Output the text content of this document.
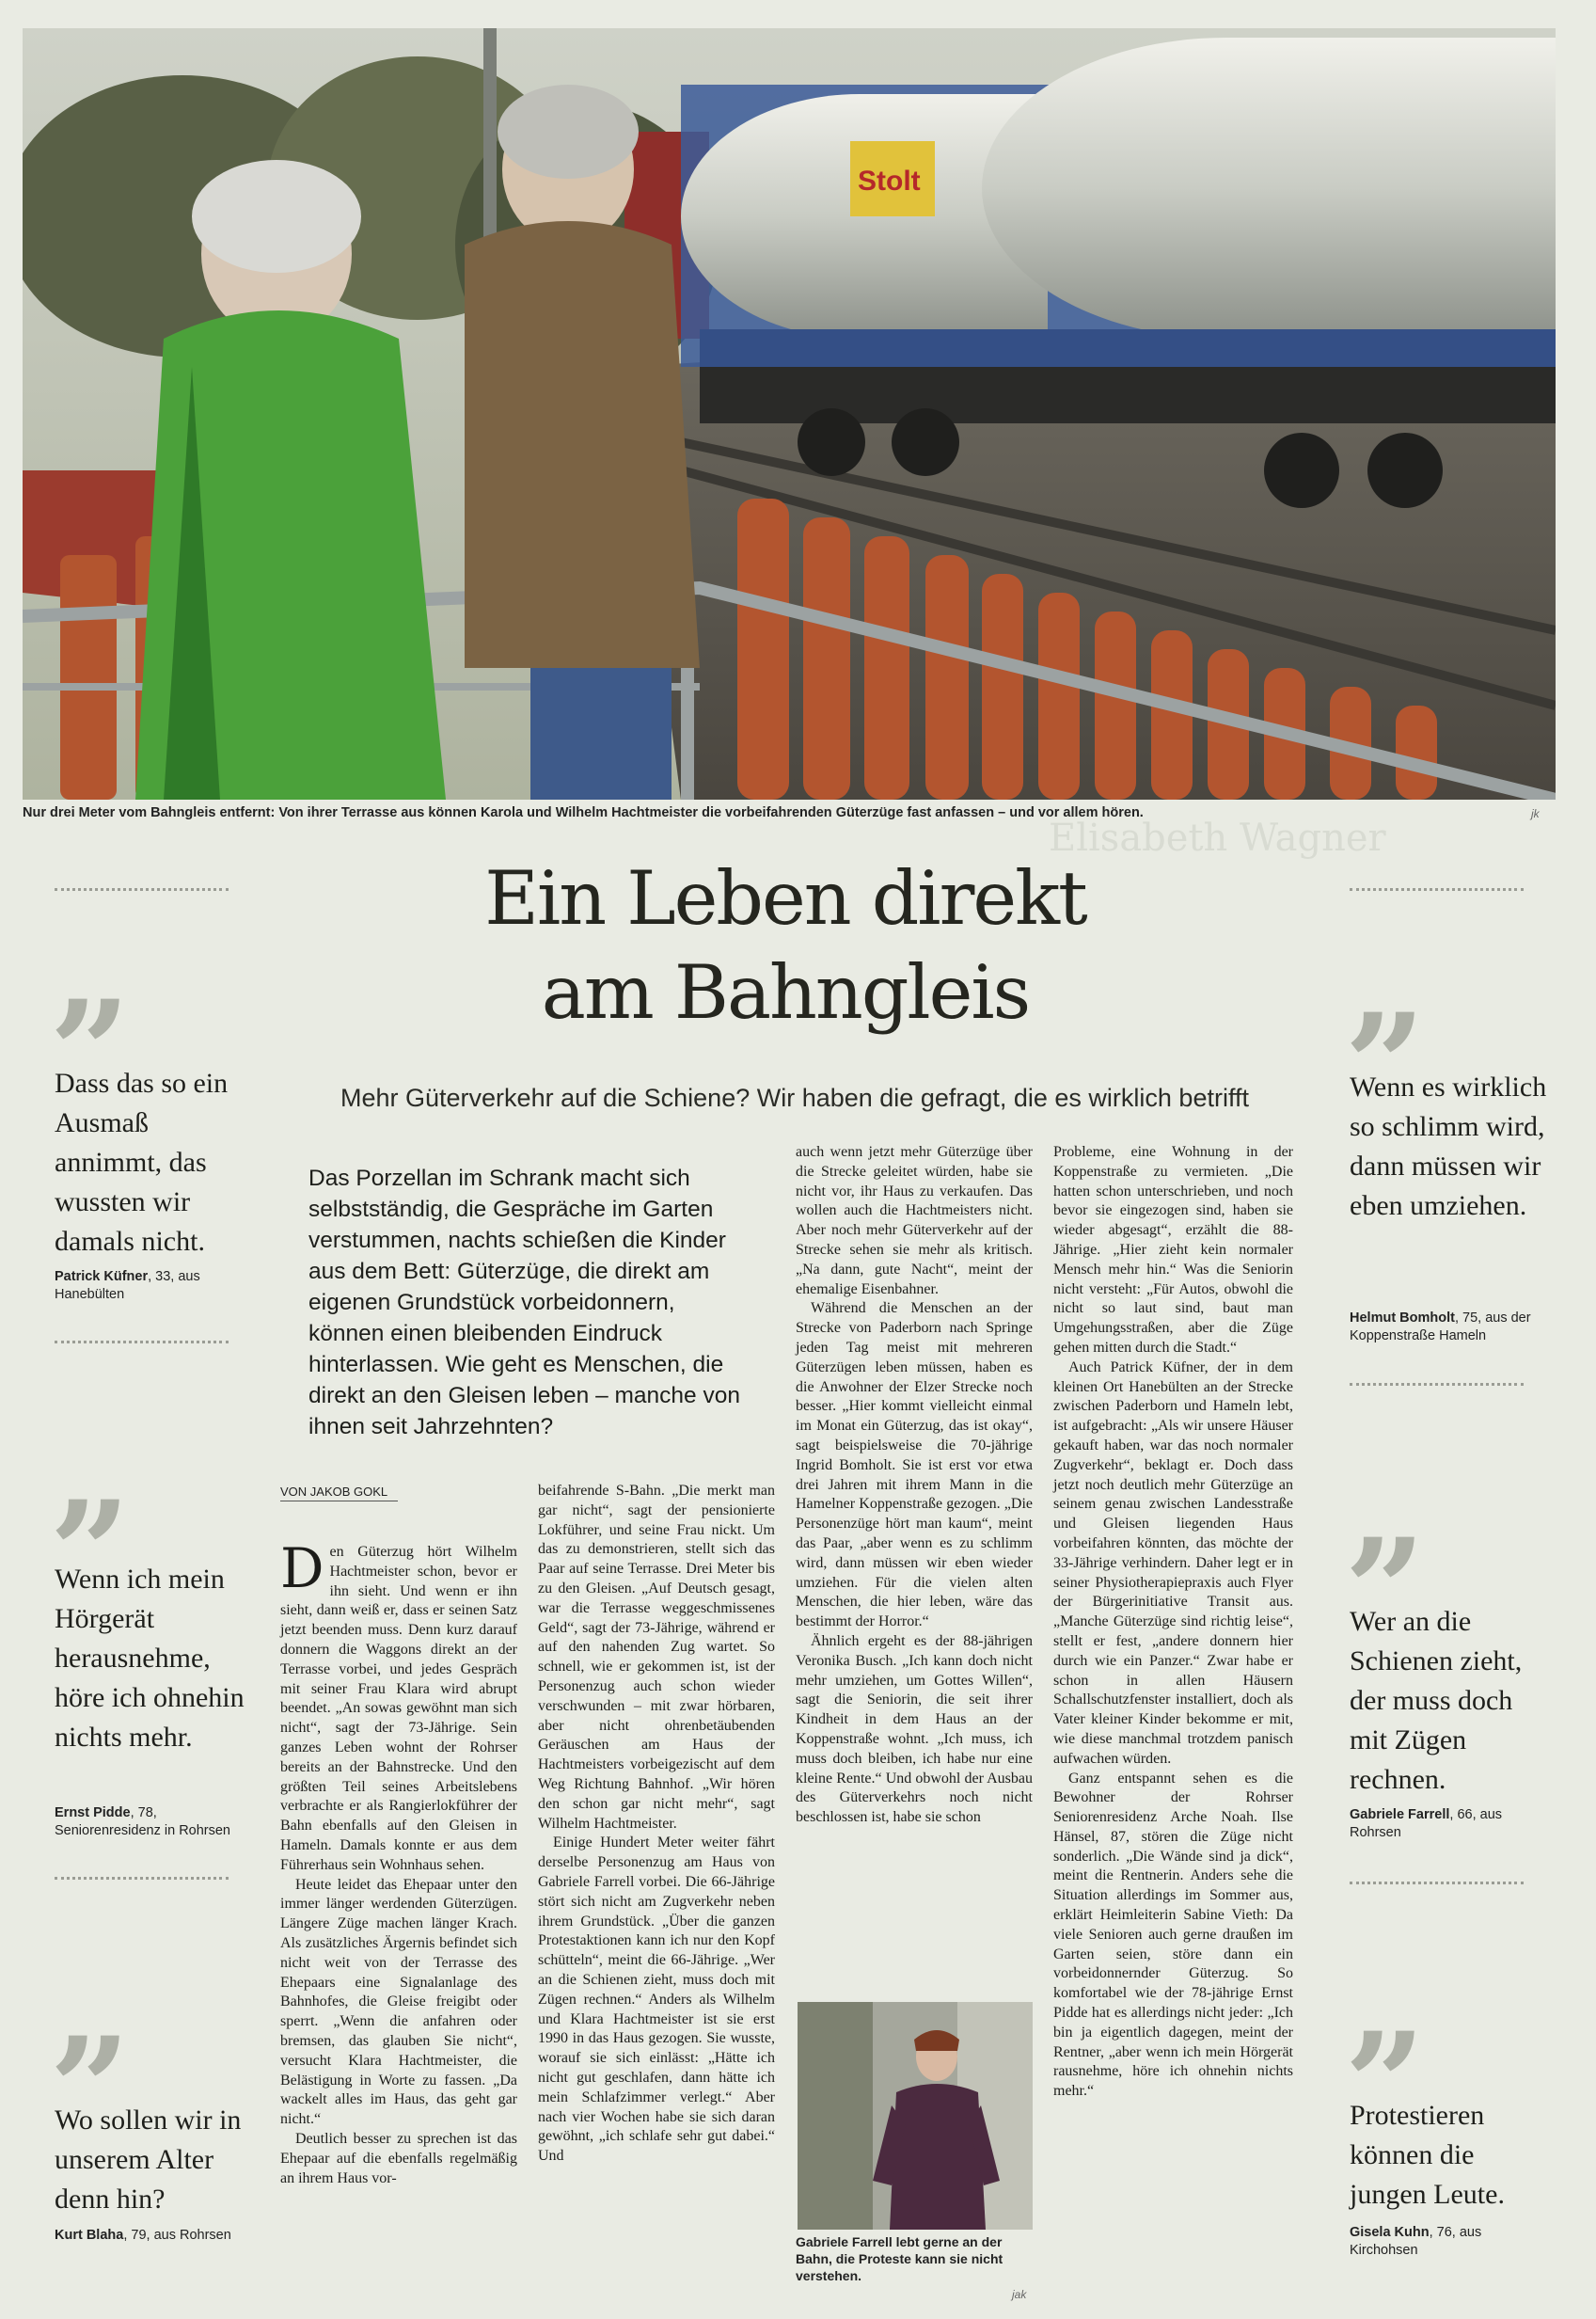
Stolt
Nur drei Meter vom Bahngleis entfernt: Von ihrer Terrasse aus können Karola und Wilhelm Hachtmeister die vorbeifahrenden Güterzüge fast anfassen – und vor allem hören.	jk
Elisabeth Wagner
Ein Leben direkt
am Bahngleis
Mehr Güterverkehr auf die Schiene? Wir haben die gefragt, die es wirklich betrifft
„
Dass das so ein Ausmaß annimmt, das wussten wir damals nicht.
Patrick Küfner, 33, aus Hanebülten
„
Wenn ich mein Hörgerät herausnehme, höre ich ohnehin nichts mehr.
Ernst Pidde, 78, Seniorenresidenz in Rohrsen
„
Wo sollen wir in unserem Alter denn hin?
Kurt Blaha, 79, aus Rohrsen
„
Wenn es wirklich so schlimm wird, dann müssen wir eben umziehen.
Helmut Bomholt, 75, aus der Koppenstraße Hameln
„
Wer an die Schienen zieht, der muss doch mit Zügen rechnen.
Gabriele Farrell, 66, aus Rohrsen
„
Protestieren können die jungen Leute.
Gisela Kuhn, 76, aus Kirchohsen
Das Porzellan im Schrank macht sich selbstständig, die Gespräche im Garten verstummen, nachts schießen die Kinder aus dem Bett: Güterzüge, die direkt am eigenen Grundstück vorbeidonnern, können einen bleibenden Eindruck hinterlassen. Wie geht es Menschen, die direkt an den Gleisen leben – manche von ihnen seit Jahrzehnten?
VON JAKOB GOKL

Den Güterzug hört Wilhelm Hachtmeister schon, bevor er ihn sieht. Und wenn er ihn sieht, dann weiß er, dass er seinen Satz jetzt beenden muss. Denn kurz darauf donnern die Waggons direkt an der Terrasse vorbei, und jedes Gespräch mit seiner Frau Klara wird abrupt beendet. „An sowas gewöhnt man sich nicht“, sagt der 73-Jährige. Sein ganzes Leben wohnt der Rohrser bereits an der Bahnstrecke. Und den größten Teil seines Arbeitslebens verbrachte er als Rangierlokführer der Bahn ebenfalls auf den Gleisen in Hameln. Damals konnte er aus dem Führerhaus sein Wohnhaus sehen.

Heute leidet das Ehepaar unter den immer länger werdenden Güterzügen. Längere Züge machen länger Krach. Als zusätzliches Ärgernis befindet sich nicht weit von der Terrasse des Ehepaars eine Signalanlage des Bahnhofes, die Gleise freigibt oder sperrt. „Wenn die anfahren oder bremsen, das glauben Sie nicht“, versucht Klara Hachtmeister, die Belästigung in Worte zu fassen. „Da wackelt alles im Haus, das geht gar nicht.“

Deutlich besser zu sprechen ist das Ehepaar auf die ebenfalls regelmäßig an ihrem Haus vor-

beifahrende S-Bahn. „Die merkt man gar nicht“, sagt der pensionierte Lokführer, und seine Frau nickt. Um das zu demonstrieren, stellt sich das Paar auf seine Terrasse. Drei Meter bis zu den Gleisen. „Auf Deutsch gesagt, war die Terrasse weggeschmissenes Geld“, sagt der 73-Jährige, während er auf den nahenden Zug wartet. So schnell, wie er gekommen ist, ist der Personenzug auch schon wieder verschwunden – mit zwar hörbaren, aber nicht ohrenbetäubenden Geräuschen am Haus der Hachtmeisters vorbeigezischt auf dem Weg Richtung Bahnhof. „Wir hören den schon gar nicht mehr“, sagt Wilhelm Hachtmeister.

Einige Hundert Meter weiter fährt derselbe Personenzug am Haus von Gabriele Farrell vorbei. Die 66-Jährige stört sich nicht am Zugverkehr neben ihrem Grundstück. „Über die ganzen Protestaktionen kann ich nur den Kopf schütteln“, meint die 66-Jährige. „Wer an die Schienen zieht, muss doch mit Zügen rechnen.“ Anders als Wilhelm und Klara Hachtmeister ist sie erst 1990 in das Haus gezogen. Sie wusste, worauf sie sich einlässt: „Hätte ich nicht gut geschlafen, dann hätte ich mein Schlafzimmer verlegt.“ Aber nach vier Wochen habe sie sich daran gewöhnt, „ich schlafe sehr gut dabei.“ Und

auch wenn jetzt mehr Güterzüge über die Strecke geleitet würden, habe sie nicht vor, ihr Haus zu verkaufen. Das wollen auch die Hachtmeisters nicht. Aber noch mehr Güterverkehr auf der Strecke sehen sie mehr als kritisch. „Na dann, gute Nacht“, meint der ehemalige Eisenbahner.

Während die Menschen an der Strecke von Paderborn nach Springe jeden Tag meist mit mehreren Güterzügen leben müssen, haben es die Anwohner der Elzer Strecke noch besser. „Hier kommt vielleicht einmal im Monat ein Güterzug, das ist okay“, sagt beispielsweise die 70-jährige Ingrid Bomholt. Sie ist erst vor etwa drei Jahren mit ihrem Mann in die Hamelner Koppenstraße gezogen. „Die Personenzüge hört man kaum“, meint das Paar, „aber wenn es zu schlimm wird, dann müssen wir eben wieder umziehen. Für die vielen alten Menschen, die hier leben, wäre das bestimmt der Horror.“

Ähnlich ergeht es der 88-jährigen Veronika Busch. „Ich kann doch nicht mehr umziehen, um Gottes Willen“, sagt die Seniorin, die seit ihrer Kindheit in dem Haus an der Koppenstraße wohnt. „Ich muss, ich muss doch bleiben, ich habe nur eine kleine Rente.“ Und obwohl der Ausbau des Güterverkehrs noch nicht beschlossen ist, habe sie schon

Probleme, eine Wohnung in der Koppenstraße zu vermieten. „Die hatten schon unterschrieben, und noch bevor sie eingezogen sind, haben sie wieder abgesagt“, erzählt die 88-Jährige. „Hier zieht kein normaler Mensch mehr hin.“ Was die Seniorin nicht versteht: „Für Autos, obwohl die nicht so laut sind, baut man Umgehungsstraßen, aber die Züge gehen mitten durch die Stadt.“

Auch Patrick Küfner, der in dem kleinen Ort Hanebülten an der Strecke zwischen Paderborn und Hameln lebt, ist aufgebracht: „Als wir unsere Häuser gekauft haben, war das noch normaler Zugverkehr“, beklagt er. Doch dass jetzt noch deutlich mehr Güterzüge an seinem genau zwischen Landesstraße und Gleisen liegenden Haus vorbeifahren könnten, das möchte der 33-Jährige verhindern. Daher legt er in seiner Physiotherapiepraxis auch Flyer der Bürgerinitiative Transit aus. „Manche Güterzüge sind richtig leise“, stellt er fest, „andere donnern hier durch wie ein Panzer.“ Zwar habe er schon in allen Häusern Schallschutzfenster installiert, doch als Vater kleiner Kinder bekomme er mit, wie diese manchmal trotzdem panisch aufwachen würden.

Ganz entspannt sehen es die Bewohner der Rohrser Seniorenresidenz Arche Noah. Ilse Hänsel, 87, stören die Züge nicht sonderlich. „Die Wände sind ja dick“, meint die Rentnerin. Anders sehe die Situation allerdings im Sommer aus, erklärt Heimleiterin Sabine Vieth: Da viele Senioren auch gerne draußen im Garten seien, störe dann ein vorbeidonnernder Güterzug. So komfortabel wie der 78-jährige Ernst Pidde hat es allerdings nicht jeder: „Ich bin ja eigentlich dagegen, meint der Rentner, „aber wenn ich mein Hörgerät rausnehme, höre ich ohnehin nichts mehr.“

Gabriele Farrell lebt gerne an der Bahn, die Proteste kann sie nicht verstehen.
jak
